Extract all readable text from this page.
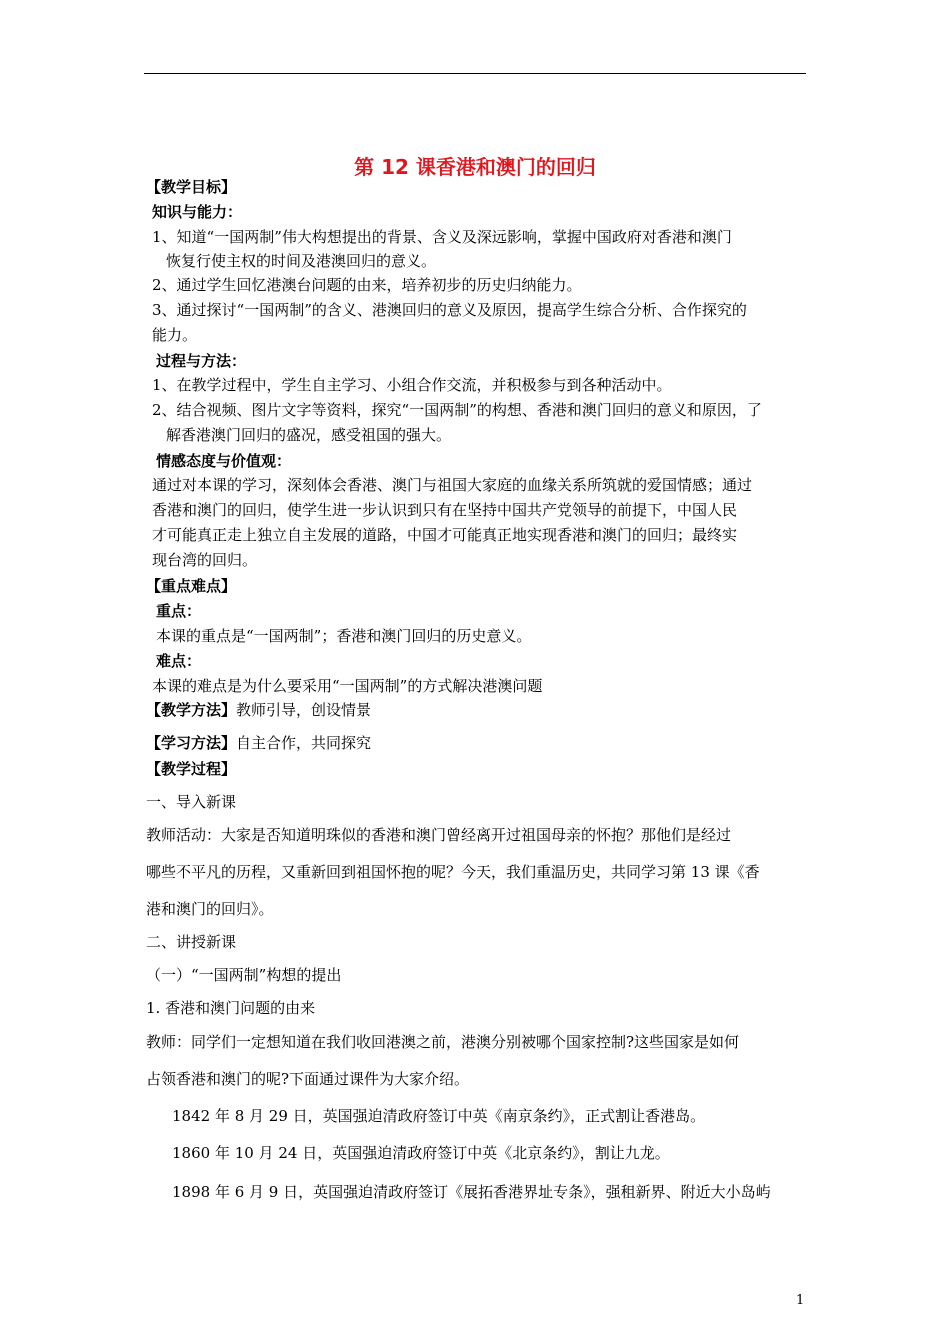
第 12 课香港和澳门的回归
【教学目标】
知识与能力：
1、知道“一国两制”伟大构想提出的背景、含义及深远影响，掌握中国政府对香港和澳门
恢复行使主权的时间及港澳回归的意义。
2、通过学生回忆港澳台问题的由来，培养初步的历史归纳能力。
3、通过探讨“一国两制”的含义、港澳回归的意义及原因，提高学生综合分析、合作探究的
能力。
过程与方法：
1、在教学过程中，学生自主学习、小组合作交流，并积极参与到各种活动中。
2、结合视频、图片文字等资料，探究“一国两制”的构想、香港和澳门回归的意义和原因，了
解香港澳门回归的盛况，感受祖国的强大。
情感态度与价值观：
通过对本课的学习，深刻体会香港、澳门与祖国大家庭的血缘关系所筑就的爱国情感；通过
香港和澳门的回归，使学生进一步认识到只有在坚持中国共产党领导的前提下，中国人民
才可能真正走上独立自主发展的道路，中国才可能真正地实现香港和澳门的回归；最终实
现台湾的回归。
【重点难点】
重点：
本课的重点是“一国两制”；香港和澳门回归的历史意义。
难点：
本课的难点是为什么要采用“一国两制”的方式解决港澳问题
【教学方法】教师引导，创设情景
【学习方法】自主合作，共同探究
【教学过程】
一、导入新课
教师活动：大家是否知道明珠似的香港和澳门曾经离开过祖国母亲的怀抱？那他们是经过
哪些不平凡的历程，又重新回到祖国怀抱的呢？今天，我们重温历史，共同学习第 13 课《香
港和澳门的回归》。
二、讲授新课
（一）“一国两制”构想的提出
1. 香港和澳门问题的由来
教师：同学们一定想知道在我们收回港澳之前，港澳分别被哪个国家控制?这些国家是如何
占领香港和澳门的呢?下面通过课件为大家介绍。
1842 年 8 月 29 日，英国强迫清政府签订中英《南京条约》，正式割让香港岛。
1860 年 10 月 24 日，英国强迫清政府签订中英《北京条约》，割让九龙。
1898 年 6 月 9 日，英国强迫清政府签订《展拓香港界址专条》，强租新界、附近大小岛屿
1
